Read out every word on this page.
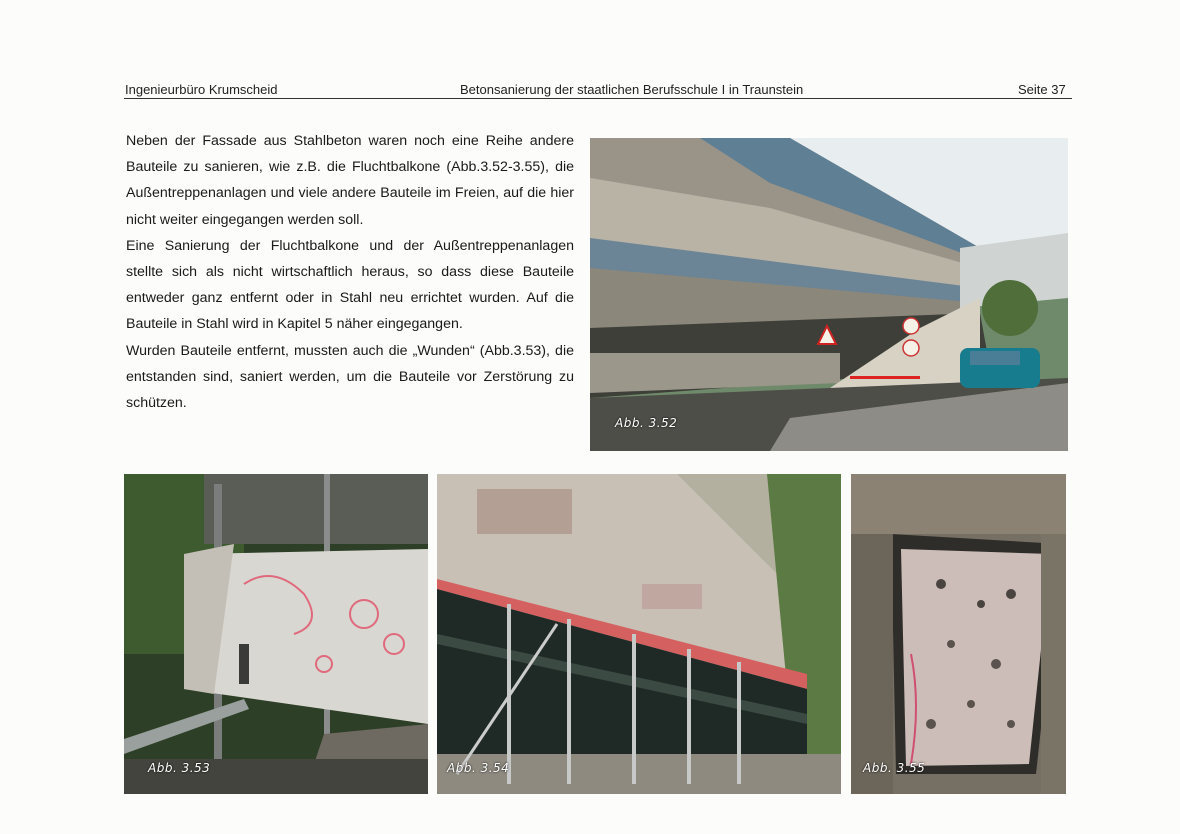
Ingenieurbüro Krumscheid	Betonsanierung der staatlichen Berufsschule I in Traunstein	Seite 37

Neben der Fassade aus Stahlbeton waren noch eine Reihe andere Bauteile zu sanieren, wie z.B. die Fluchtbalkone (Abb.3.52-3.55), die Außentreppenanlagen und viele andere Bauteile im Freien, auf die hier nicht weiter eingegangen werden soll.

Eine Sanierung der Fluchtbalkone und der Außentreppenanlagen stellte sich als nicht wirtschaftlich heraus, so dass diese Bauteile entweder ganz entfernt oder in Stahl neu errichtet wurden. Auf die Bauteile in Stahl wird in Kapitel 5 näher eingegangen.

Wurden Bauteile entfernt, mussten auch die „Wunden“ (Abb.3.53), die entstanden sind, saniert werden, um die Bauteile vor Zerstörung zu schützen.

Abb. 3.52
Abb. 3.53	Abb. 3.54	Abb. 3.55
